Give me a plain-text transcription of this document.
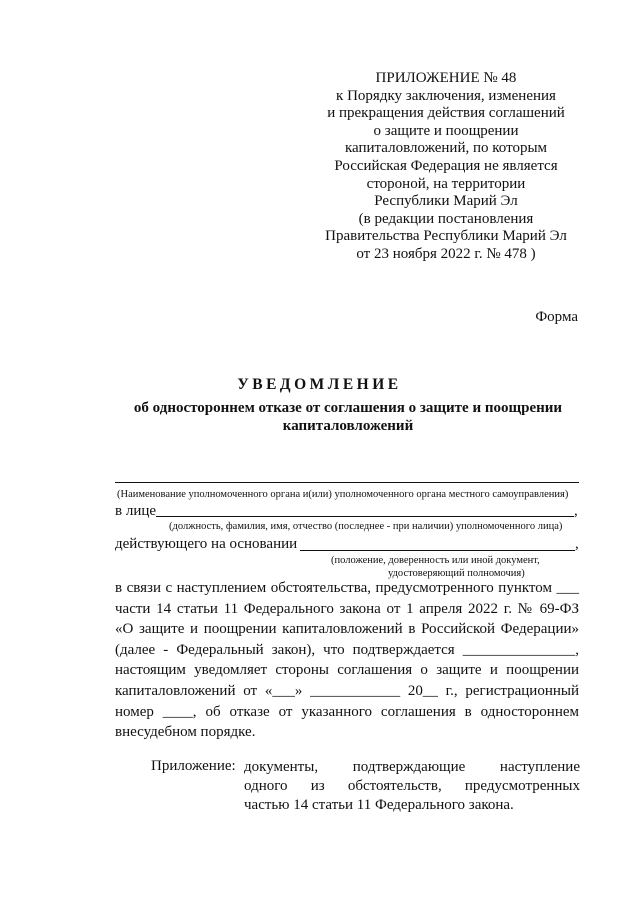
ПРИЛОЖЕНИЕ № 48
к Порядку заключения, изменения
и прекращения действия соглашений
о защите и поощрении
капиталовложений, по которым
Российская Федерация не является
стороной, на территории
Республики Марий Эл
(в редакции постановления
Правительства Республики Марий Эл
от 23 ноября 2022 г. № 478 )
Форма
УВЕДОМЛЕНИЕ
об одностороннем отказе от соглашения о защите и поощрении капиталовложений
(Наименование уполномоченного органа и(или) уполномоченного органа местного самоуправления)
в лице	,
(должность, фамилия, имя, отчество (последнее - при наличии) уполномоченного лица)
действующего на основании	,
(положение, доверенность или иной документ,
удостоверяющий полномочия)
в связи с наступлением обстоятельства, предусмотренного пунктом ___
части 14 статьи 11 Федерального закона от 1 апреля 2022 г. № 69-ФЗ
«О защите и поощрении капиталовложений в Российской Федерации»
(далее - Федеральный закон), что подтверждается _______________,
настоящим уведомляет стороны соглашения о защите и поощрении
капиталовложений от «___» ____________ 20__ г., регистрационный
номер ____, об отказе от указанного соглашения в одностороннем
внесудебном порядке.
Приложение: документы, подтверждающие наступление
одного из обстоятельств, предусмотренных
частью 14 статьи 11 Федерального закона.
